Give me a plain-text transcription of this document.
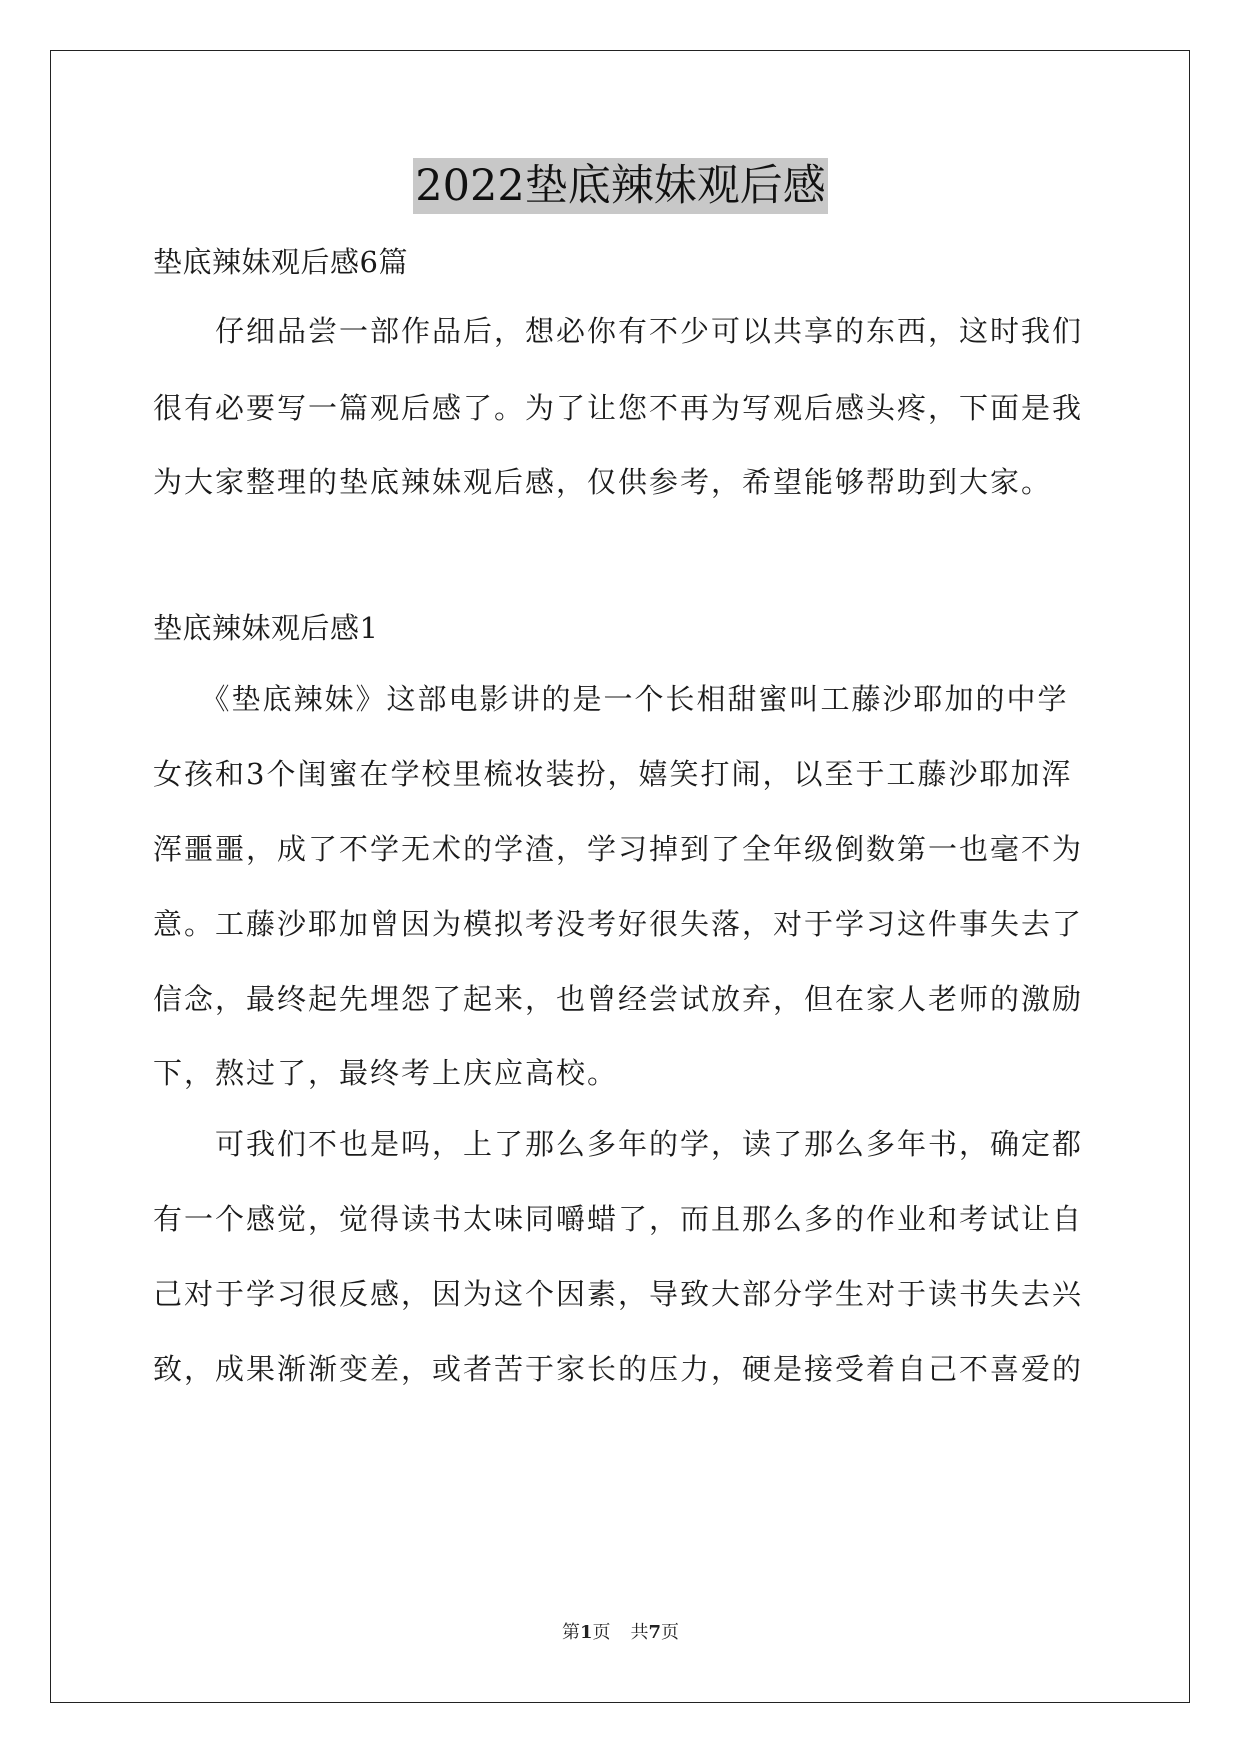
2022垫底辣妹观后感
垫底辣妹观后感6篇
　　仔细品尝一部作品后，想必你有不少可以共享的东西，这时我们
很有必要写一篇观后感了。为了让您不再为写观后感头疼，下面是我
为大家整理的垫底辣妹观后感，仅供参考，希望能够帮助到大家。
垫底辣妹观后感1
　　《垫底辣妹》这部电影讲的是一个长相甜蜜叫工藤沙耶加的中学
女孩和3个闺蜜在学校里梳妆装扮，嬉笑打闹，以至于工藤沙耶加浑
浑噩噩，成了不学无术的学渣，学习掉到了全年级倒数第一也毫不为
意。工藤沙耶加曾因为模拟考没考好很失落，对于学习这件事失去了
信念，最终起先埋怨了起来，也曾经尝试放弃，但在家人老师的激励
下，熬过了，最终考上庆应高校。
　　可我们不也是吗，上了那么多年的学，读了那么多年书，确定都
有一个感觉，觉得读书太味同嚼蜡了，而且那么多的作业和考试让自
己对于学习很反感，因为这个因素，导致大部分学生对于读书失去兴
致，成果渐渐变差，或者苦于家长的压力，硬是接受着自己不喜爱的
第1页 共7页
